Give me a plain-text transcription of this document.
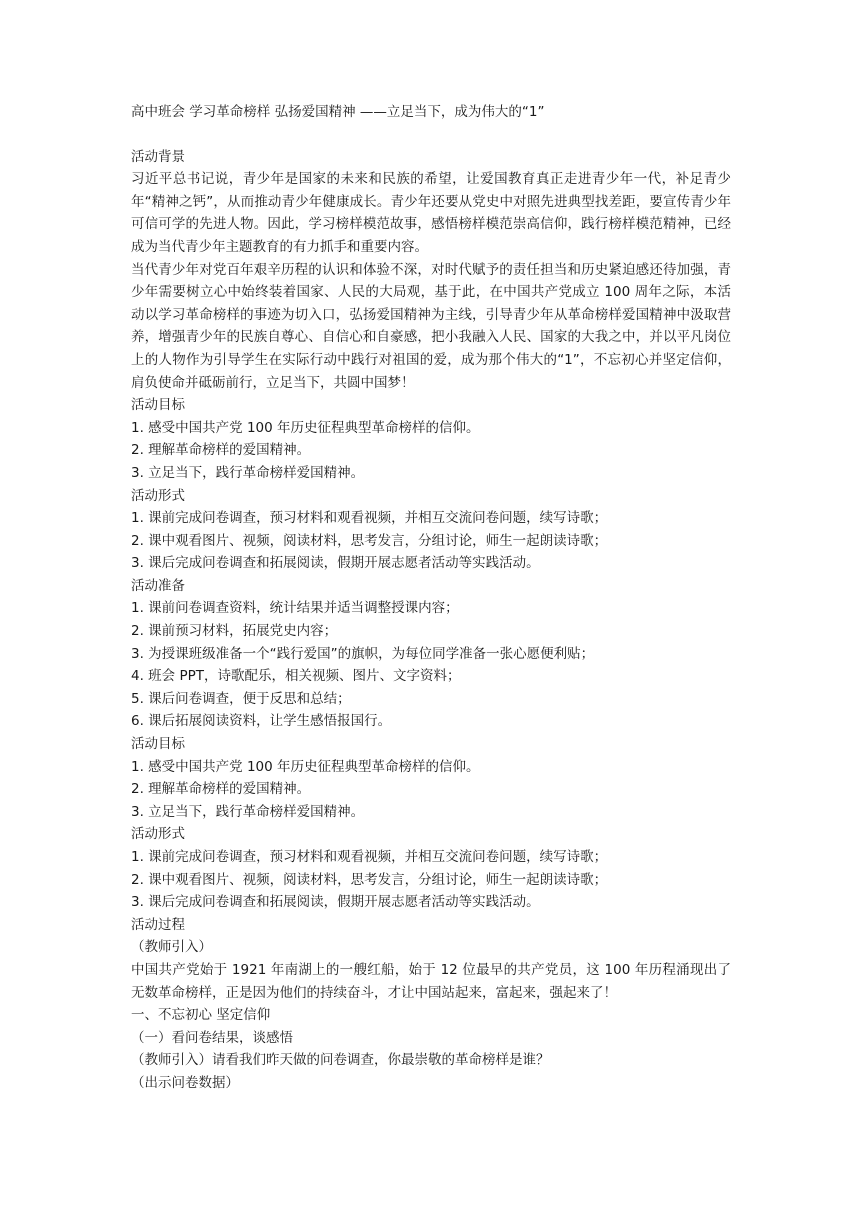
高中班会 学习革命榜样 弘扬爱国精神 ——立足当下，成为伟大的“1”

活动背景

习近平总书记说，青少年是国家的未来和民族的希望，让爱国教育真正走进青少年一代，补足青少年“精神之钙”，从而推动青少年健康成长。青少年还要从党史中对照先进典型找差距，要宣传青少年可信可学的先进人物。因此，学习榜样模范故事，感悟榜样模范崇高信仰，践行榜样模范精神，已经成为当代青少年主题教育的有力抓手和重要内容。

当代青少年对党百年艰辛历程的认识和体验不深，对时代赋予的责任担当和历史紧迫感还待加强，青少年需要树立心中始终装着国家、人民的大局观，基于此，在中国共产党成立 100 周年之际，本活动以学习革命榜样的事迹为切入口，弘扬爱国精神为主线，引导青少年从革命榜样爱国精神中汲取营养，增强青少年的民族自尊心、自信心和自豪感，把小我融入人民、国家的大我之中，并以平凡岗位上的人物作为引导学生在实际行动中践行对祖国的爱，成为那个伟大的“1”，不忘初心并坚定信仰，肩负使命并砥砺前行，立足当下，共圆中国梦！

活动目标

1. 感受中国共产党 100 年历史征程典型革命榜样的信仰。

2. 理解革命榜样的爱国精神。

3. 立足当下，践行革命榜样爱国精神。

活动形式

1. 课前完成问卷调查，预习材料和观看视频，并相互交流问卷问题，续写诗歌；

2. 课中观看图片、视频，阅读材料，思考发言，分组讨论，师生一起朗读诗歌；

3. 课后完成问卷调查和拓展阅读，假期开展志愿者活动等实践活动。

活动准备

1. 课前问卷调查资料，统计结果并适当调整授课内容；

2. 课前预习材料，拓展党史内容；

3. 为授课班级准备一个“践行爱国”的旗帜，为每位同学准备一张心愿便利贴；

4. 班会 PPT，诗歌配乐，相关视频、图片、文字资料；

5. 课后问卷调查，便于反思和总结；

6. 课后拓展阅读资料，让学生感悟报国行。

活动目标

1. 感受中国共产党 100 年历史征程典型革命榜样的信仰。

2. 理解革命榜样的爱国精神。

3. 立足当下，践行革命榜样爱国精神。

活动形式

1. 课前完成问卷调查，预习材料和观看视频，并相互交流问卷问题，续写诗歌；

2. 课中观看图片、视频，阅读材料，思考发言，分组讨论，师生一起朗读诗歌；

3. 课后完成问卷调查和拓展阅读，假期开展志愿者活动等实践活动。

活动过程

（教师引入）

中国共产党始于 1921 年南湖上的一艘红船，始于 12 位最早的共产党员，这 100 年历程涌现出了无数革命榜样，正是因为他们的持续奋斗，才让中国站起来，富起来，强起来了！

一、不忘初心 坚定信仰

（一）看问卷结果，谈感悟

（教师引入）请看我们昨天做的问卷调查，你最崇敬的革命榜样是谁？

（出示问卷数据）
